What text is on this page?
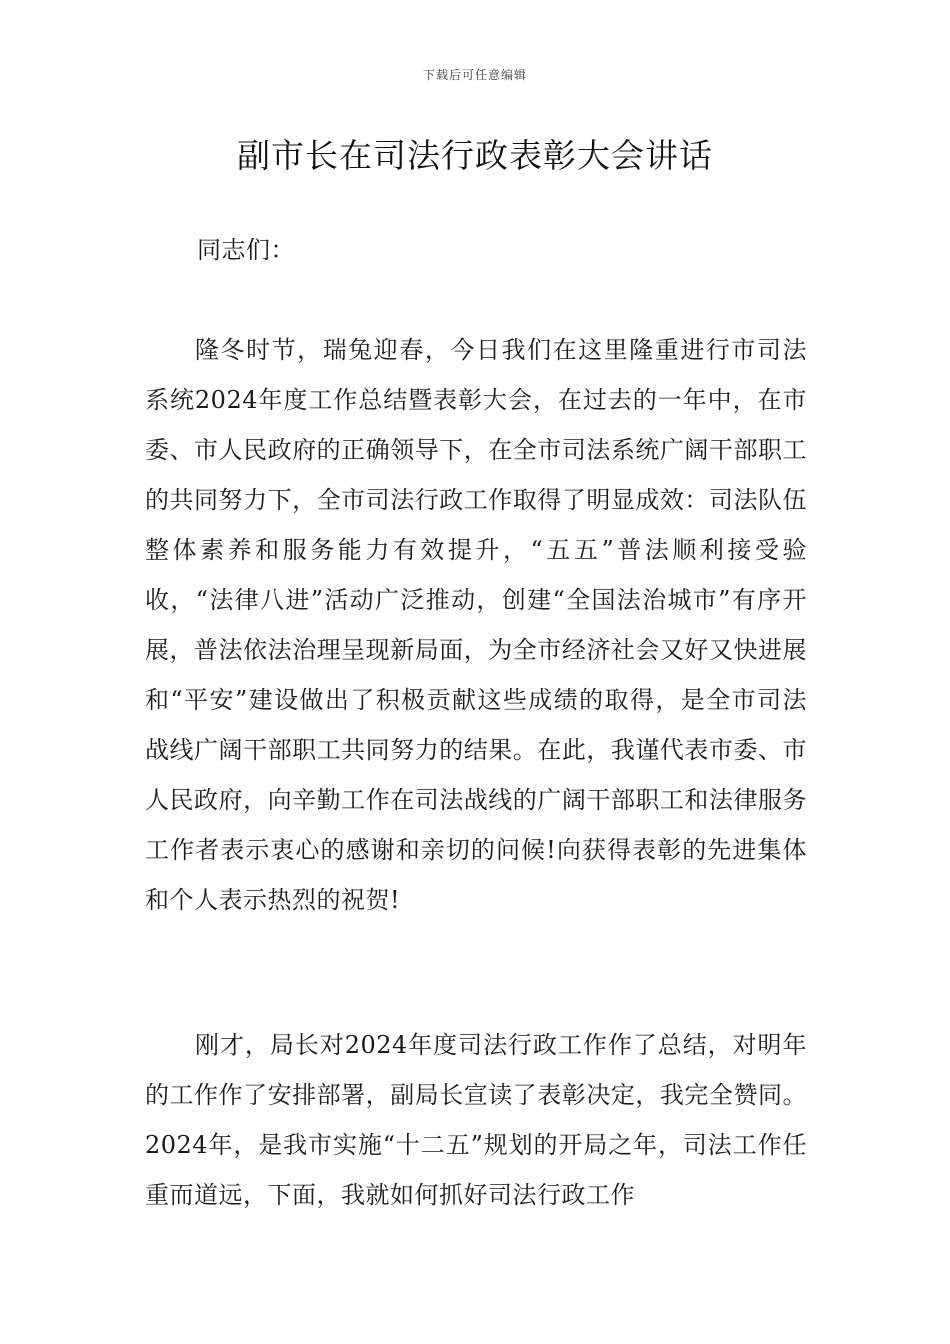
下载后可任意编辑
副市长在司法行政表彰大会讲话

同志们：

隆冬时节，瑞兔迎春，今日我们在这里隆重进行市司法系统2024年度工作总结暨表彰大会，在过去的一年中，在市委、市人民政府的正确领导下，在全市司法系统广阔干部职工的共同努力下，全市司法行政工作取得了明显成效：司法队伍整体素养和服务能力有效提升，“五五”普法顺利接受验收，“法律八进”活动广泛推动，创建“全国法治城市”有序开展，普法依法治理呈现新局面，为全市经济社会又好又快进展和“平安”建设做出了积极贡献这些成绩的取得，是全市司法战线广阔干部职工共同努力的结果。在此，我谨代表市委、市人民政府，向辛勤工作在司法战线的广阔干部职工和法律服务工作者表示衷心的感谢和亲切的问候!向获得表彰的先进集体和个人表示热烈的祝贺!

刚才，局长对2024年度司法行政工作作了总结，对明年的工作作了安排部署，副局长宣读了表彰决定，我完全赞同。2024年，是我市实施“十二五”规划的开局之年，司法工作任重而道远，下面，我就如何抓好司法行政工作
